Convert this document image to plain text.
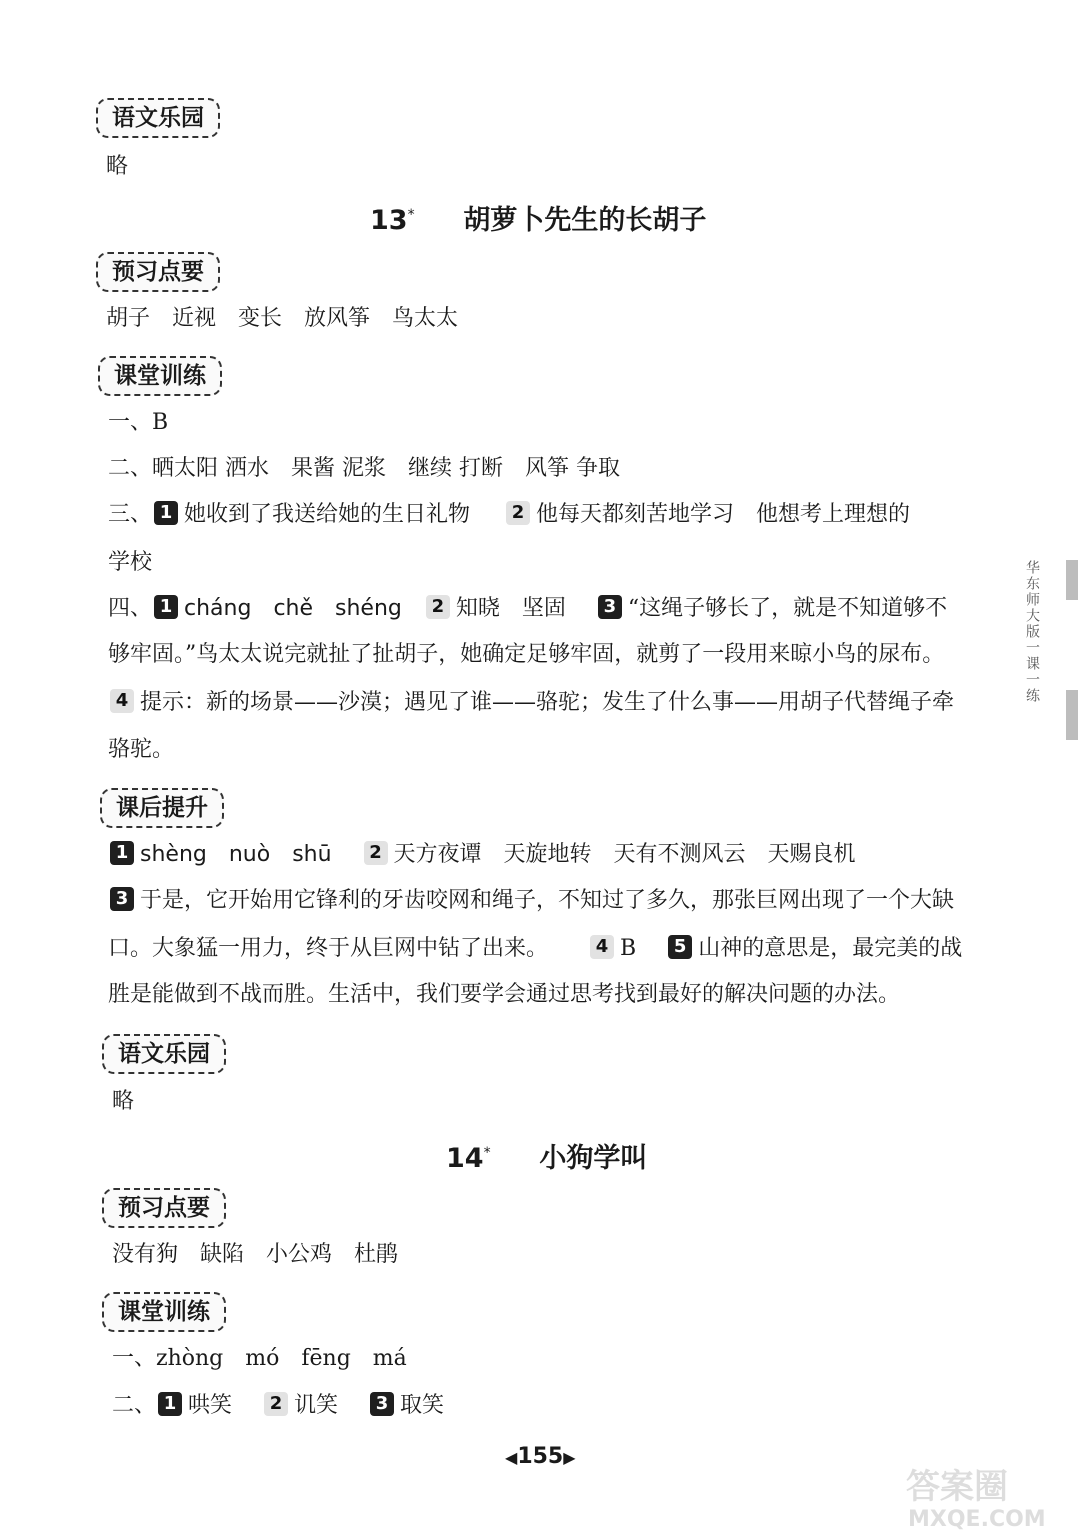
语文乐园
略
13* 胡萝卜先生的长胡子
预习点要
胡子　近视　变长　放风筝　鸟太太
课堂训练
一、B
二、晒太阳 洒水　果酱 泥浆　继续 打断　风筝 争取
三、 1 她收到了我送给她的生日礼物 2 他每天都刻苦地学习　他想考上理想的
学校
四、 1 cháng　chě　shéng 2 知晓　坚固 3 “这绳子够长了，就是不知道够不
够牢固。”鸟太太说完就扯了扯胡子，她确定足够牢固，就剪了一段用来晾小鸟的尿布。
4 提示：新的场景——沙漠；遇见了谁——骆驼；发生了什么事——用胡子代替绳子牵
骆驼。
课后提升
1 shèng　nuò　shū 2 天方夜谭　天旋地转　天有不测风云　天赐良机
3 于是，它开始用它锋利的牙齿咬网和绳子，不知过了多久，那张巨网出现了一个大缺
口。大象猛一用力，终于从巨网中钻了出来。	4 B 5 山神的意思是，最完美的战
胜是能做到不战而胜。生活中，我们要学会通过思考找到最好的解决问题的办法。
语文乐园
略
14* 小狗学叫
预习点要
没有狗　缺陷　小公鸡　杜鹃
课堂训练
一、zhòng　mó　fēng　má
二、 1 哄笑 2 讥笑 3 取笑
华东师大版一课一练
◀155▶
答案圈
MXQE.COM
